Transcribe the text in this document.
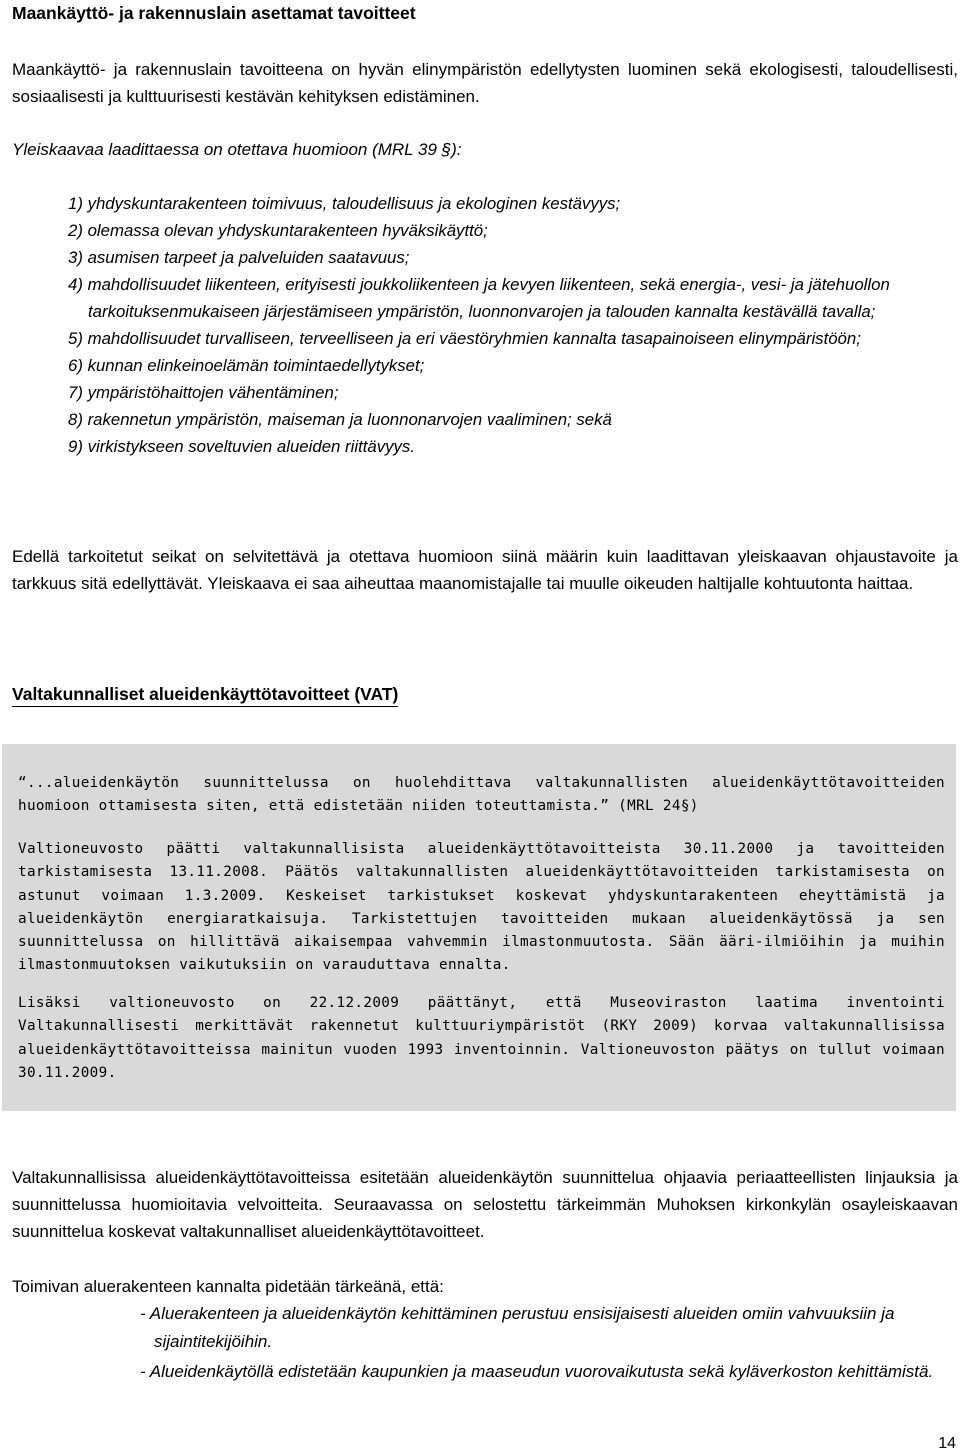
Maankäyttö- ja rakennuslain asettamat tavoitteet

Maankäyttö- ja rakennuslain tavoitteena on hyvän elinympäristön edellytysten luominen sekä ekologisesti, taloudellisesti, sosiaalisesti ja kulttuurisesti kestävän kehityksen edistäminen.

Yleiskaavaa laadittaessa on otettava huomioon (MRL 39 §):

1) yhdyskuntarakenteen toimivuus, taloudellisuus ja ekologinen kestävyys;
2) olemassa olevan yhdyskuntarakenteen hyväksikäyttö;
3) asumisen tarpeet ja palveluiden saatavuus;
4) mahdollisuudet liikenteen, erityisesti joukkoliikenteen ja kevyen liikenteen, sekä energia-, vesi- ja jätehuollon tarkoituksenmukaiseen järjestämiseen ympäristön, luonnonvarojen ja talouden kannalta kestävällä tavalla;
5) mahdollisuudet turvalliseen, terveelliseen ja eri väestöryhmien kannalta tasapainoiseen elinympäristöön;
6) kunnan elinkeinoelämän toimintaedellytykset;
7) ympäristöhaittojen vähentäminen;
8) rakennetun ympäristön, maiseman ja luonnonarvojen vaaliminen; sekä
9) virkistykseen soveltuvien alueiden riittävyys.

Edellä tarkoitetut seikat on selvitettävä ja otettava huomioon siinä määrin kuin laadittavan yleiskaavan ohjaustavoite ja tarkkuus sitä edellyttävät. Yleiskaava ei saa aiheuttaa maanomistajalle tai muulle oikeuden haltijalle kohtuutonta haittaa.

Valtakunnalliset alueidenkäyttötavoitteet (VAT)

“...alueidenkäytön suunnittelussa on huolehdittava valtakunnallisten alueidenkäyttötavoitteiden huomioon ottamisesta siten, että edistetään niiden toteuttamista.” (MRL 24§)

Valtioneuvosto päätti valtakunnallisista alueidenkäyttötavoitteista 30.11.2000 ja tavoitteiden tarkistamisesta 13.11.2008. Päätös valtakunnallisten alueidenkäyttötavoitteiden tarkistamisesta on astunut voimaan 1.3.2009. Keskeiset tarkistukset koskevat yhdyskuntarakenteen eheyttämistä ja alueidenkäytön energiaratkaisuja. Tarkistettujen tavoitteiden mukaan alueidenkäytössä ja sen suunnittelussa on hillittävä aikaisempaa vahvemmin ilmastonmuutosta. Sään ääri-ilmiöihin ja muihin ilmastonmuutoksen vaikutuksiin on varauduttava ennalta.

Lisäksi valtioneuvosto on 22.12.2009 päättänyt, että Museoviraston laatima inventointi Valtakunnallisesti merkittävät rakennetut kulttuuriympäristöt (RKY 2009) korvaa valtakunnallisissa alueidenkäyttötavoitteissa mainitun vuoden 1993 inventoinnin. Valtioneuvoston päätys on tullut voimaan 30.11.2009.

Valtakunnallisissa alueidenkäyttötavoitteissa esitetään alueidenkäytön suunnittelua ohjaavia periaatteellisten linjauksia ja suunnittelussa huomioitavia velvoitteita. Seuraavassa on selostettu tärkeimmän Muhoksen kirkonkylän osayleiskaavan suunnittelua koskevat valtakunnalliset alueidenkäyttötavoitteet.

Toimivan aluerakenteen kannalta pidetään tärkeänä, että:

- Aluerakenteen ja alueidenkäytön kehittäminen perustuu ensisijaisesti alueiden omiin vahvuuksiin ja sijaintitekijöihin.
- Alueidenkäytöllä edistetään kaupunkien ja maaseudun vuorovaikutusta sekä kyläverkoston kehittämistä.
14
